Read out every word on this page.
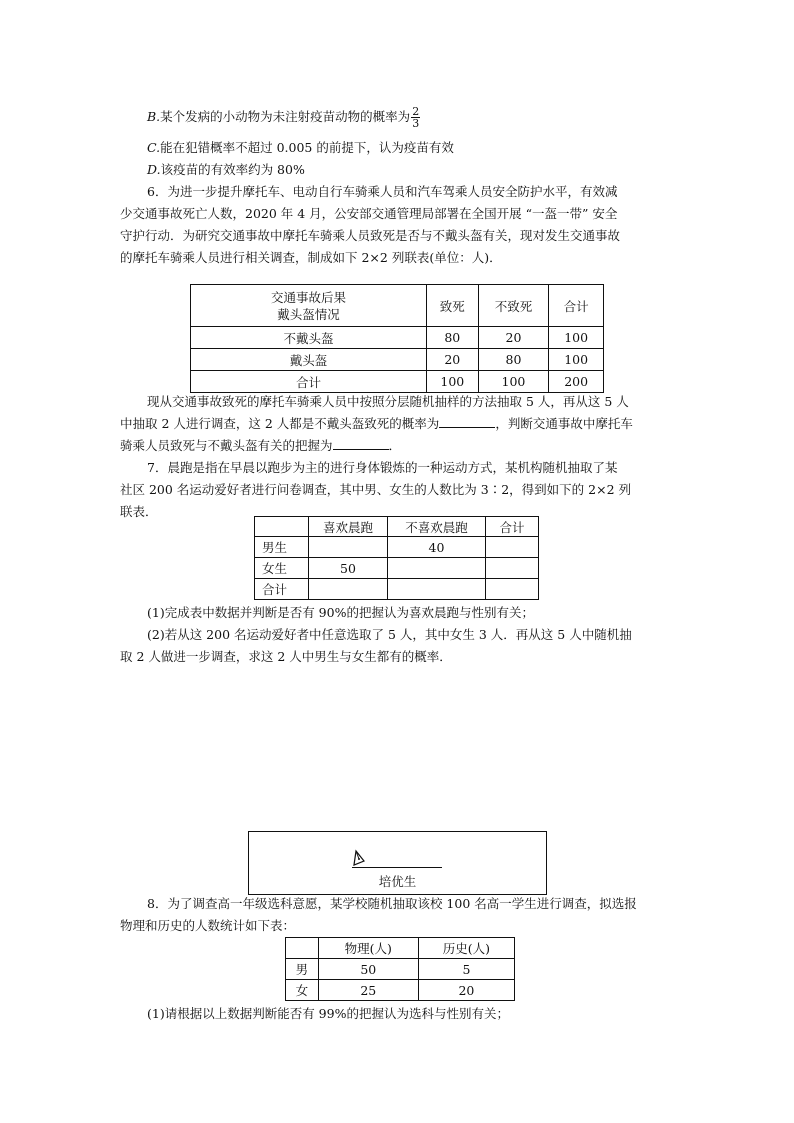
B.某个发病的小动物为未注射疫苗动物的概率为 $\frac{2}{3}$
C.能在犯错概率不超过 0.005 的前提下，认为疫苗有效
D.该疫苗的有效率约为 80%
6．为进一步提升摩托车、电动自行车骑乘人员和汽车驾乘人员安全防护水平，有效减
少交通事故死亡人数，2020 年 4 月，公安部交通管理局部署在全国开展 “一盔一带” 安全
守护行动．为研究交通事故中摩托车骑乘人员致死是否与不戴头盔有关，现对发生交通事故
的摩托车骑乘人员进行相关调查，制成如下 2×2 列联表(单位：人)．
交通事故后果
戴头盔情况	致死	不致死	合计
不戴头盔	80	20	100
戴头盔	20	80	100
合计	100	100	200
现从交通事故致死的摩托车骑乘人员中按照分层随机抽样的方法抽取 5 人，再从这 5 人
中抽取 2 人进行调查，这 2 人都是不戴头盔致死的概率为	，判断交通事故中摩托车
骑乘人员致死与不戴头盔有关的把握为	．
7．晨跑是指在早晨以跑步为主的进行身体锻炼的一种运动方式，某机构随机抽取了某
社区 200 名运动爱好者进行问卷调查，其中男、女生的人数比为 3∶2，得到如下的 2×2 列
联表．
	喜欢晨跑	不喜欢晨跑	合计
男生		40	
女生	50		
合计			
(1)完成表中数据并判断是否有 90%的把握认为喜欢晨跑与性别有关；
(2)若从这 200 名运动爱好者中任意选取了 5 人，其中女生 3 人．再从这 5 人中随机抽
取 2 人做进一步调查，求这 2 人中男生与女生都有的概率．
培优生
8．为了调查高一年级选科意愿，某学校随机抽取该校 100 名高一学生进行调查，拟选报
物理和历史的人数统计如下表：
	物理(人)	历史(人)
男	50	5
女	25	20
(1)请根据以上数据判断能否有 99%的把握认为选科与性别有关；
